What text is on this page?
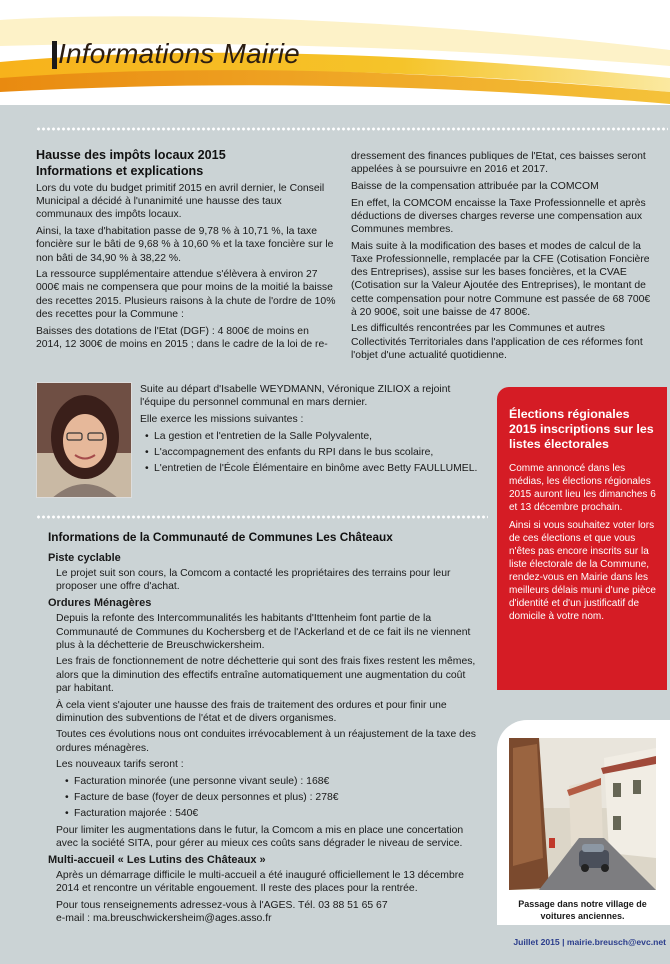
Informations Mairie
Hausse des impôts locaux 2015
Informations et explications

Lors du vote du budget primitif 2015 en avril dernier, le Conseil Municipal a décidé à l'unanimité une hausse des taux communaux des impôts locaux.

Ainsi, la taxe d'habitation passe de 9,78 % à 10,71 %, la taxe foncière sur le bâti de 9,68 % à 10,60 % et la taxe foncière sur le non bâti de 34,90 % à 38,22 %.

La ressource supplémentaire attendue s'élèvera à environ 27 000€ mais ne compensera que pour moins de la moitié la baisse des recettes 2015. Plusieurs raisons à la chute de l'ordre de 10% des recettes pour la Commune :

Baisses des dotations de l'Etat (DGF) : 4 800€ de moins en 2014, 12 300€ de moins en 2015 ; dans le cadre de la loi de re-

dressement des finances publiques de l'Etat, ces baisses seront appelées à se poursuivre en 2016 et 2017.

Baisse de la compensation attribuée par la COMCOM

En effet, la COMCOM encaisse la Taxe Professionnelle et après déductions de diverses charges reverse une compensation aux Communes membres.

Mais suite à la modification des bases et modes de calcul de la Taxe Professionnelle, remplacée par la CFE (Cotisation Foncière des Entreprises), assise sur les bases foncières, et la CVAE (Cotisation sur la Valeur Ajoutée des Entreprises), le montant de cette compensation pour notre Commune est passée de 68 700€ à 20 900€, soit une baisse de 47 800€.

Les difficultés rencontrées par les Communes et autres Collectivités Territoriales dans l'application de ces réformes font l'objet d'une actualité quotidienne.

Suite au départ d'Isabelle WEYDMANN, Véronique ZILIOX a rejoint l'équipe du personnel communal en mars dernier.

Elle exerce les missions suivantes :

• La gestion et l'entretien de la Salle Polyvalente,
• L'accompagnement des enfants du RPI dans le bus scolaire,
• L'entretien de l'École Élémentaire en binôme avec Betty FAULLUMEL.
Élections régionales 2015 inscriptions sur les listes électorales

Comme annoncé dans les médias, les élections régionales 2015 auront lieu les dimanches 6 et 13 décembre prochain.

Ainsi si vous souhaitez voter lors de ces élections et que vous n'êtes pas encore inscrits sur la liste électorale de la Commune, rendez-vous en Mairie dans les meilleurs délais muni d'une pièce d'identité et d'un justificatif de domicile à votre nom.

Informations de la Communauté de Communes Les Châteaux
Piste cyclable

Le projet suit son cours, la Comcom a contacté les propriétaires des terrains pour leur proposer une offre d'achat.

Ordures Ménagères

Depuis la refonte des Intercommunalités les habitants d'Ittenheim font partie de la Communauté de Communes du Kochersberg et de l'Ackerland et de ce fait ils ne viennent plus à la déchetterie de Breuschwickersheim.

Les frais de fonctionnement de notre déchetterie qui sont des frais fixes restent les mêmes, alors que la diminution des effectifs entraîne automatiquement une augmentation du coût par habitant.

À cela vient s'ajouter une hausse des frais de traitement des ordures et pour finir une diminution des subventions de l'état et de divers organismes.

Toutes ces évolutions nous ont conduites irrévocablement à un réajustement de la taxe des ordures ménagères.

Les nouveaux tarifs seront :

• Facturation minorée (une personne vivant seule) : 168€
• Facture de base (foyer de deux personnes et plus) : 278€
• Facturation majorée : 540€

Pour limiter les augmentations dans le futur, la Comcom a mis en place une concertation avec la société SITA, pour gérer au mieux ces coûts sans dégrader le niveau de service.

Multi-accueil « Les Lutins des Châteaux »

Après un démarrage difficile le multi-accueil a été inauguré officiellement le 13 décembre 2014 et rencontre un véritable engouement. Il reste des places pour la rentrée.

Pour tous renseignements adressez-vous à l'AGES. Tél. 03 88 51 65 67

e-mail : ma.breuschwickersheim@ages.asso.fr

Passage dans notre village de voitures anciennes.
Juillet 2015 | mairie.breusch@evc.net
